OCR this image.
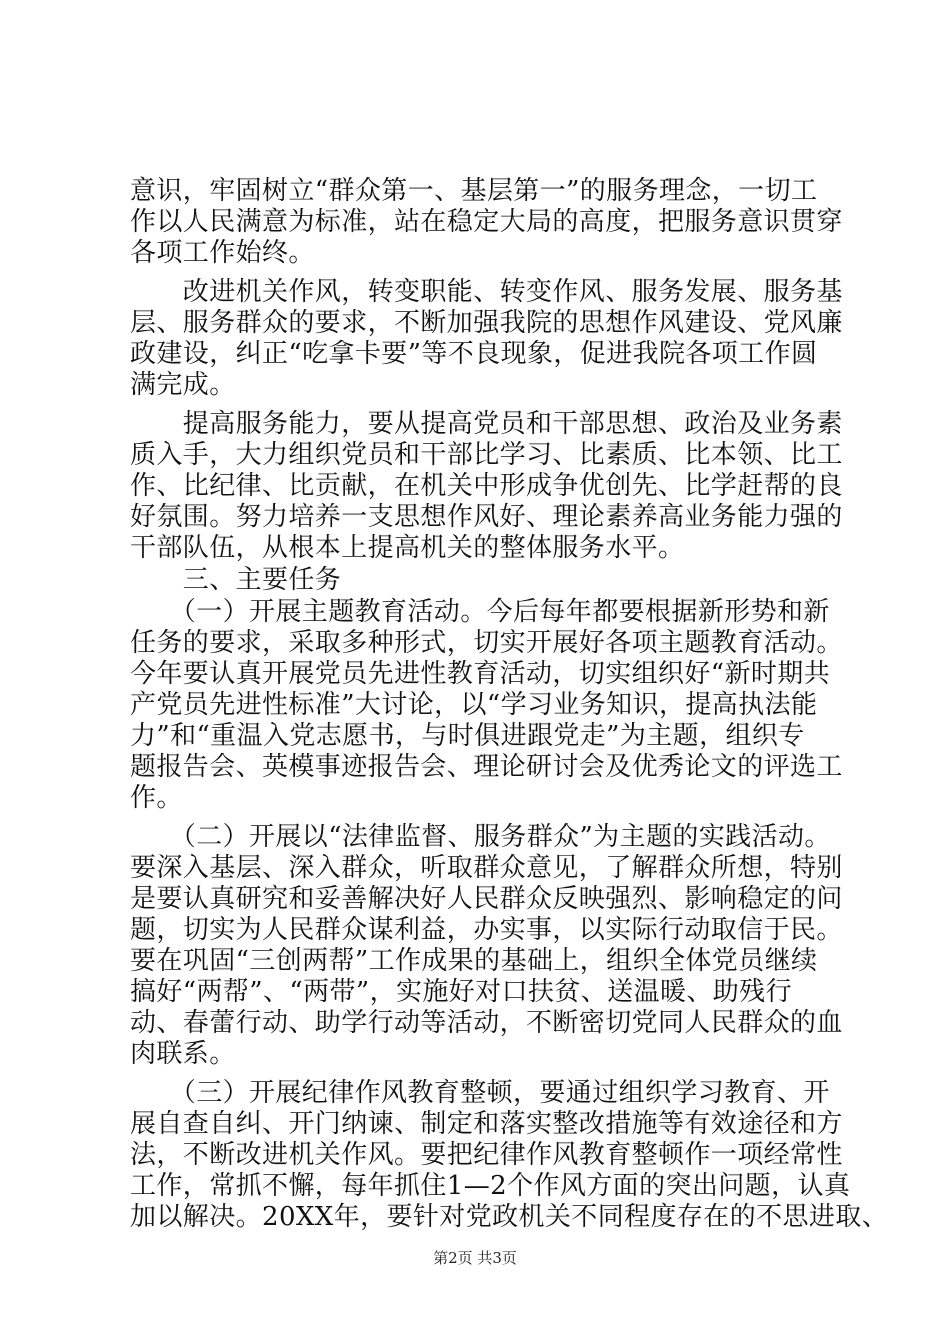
意识，牢固树立“群众第一、基层第一”的服务理念，一切工
作以人民满意为标准，站在稳定大局的高度，把服务意识贯穿
各项工作始终。
　　改进机关作风，转变职能、转变作风、服务发展、服务基
层、服务群众的要求，不断加强我院的思想作风建设、党风廉
政建设，纠正“吃拿卡要”等不良现象，促进我院各项工作圆
满完成。
　　提高服务能力，要从提高党员和干部思想、政治及业务素
质入手，大力组织党员和干部比学习、比素质、比本领、比工
作、比纪律、比贡献，在机关中形成争优创先、比学赶帮的良
好氛围。努力培养一支思想作风好、理论素养高业务能力强的
干部队伍，从根本上提高机关的整体服务水平。
　　三、主要任务
　　（一）开展主题教育活动。今后每年都要根据新形势和新
任务的要求，采取多种形式，切实开展好各项主题教育活动。
今年要认真开展党员先进性教育活动，切实组织好“新时期共
产党员先进性标准”大讨论，以“学习业务知识，提高执法能
力”和“重温入党志愿书，与时俱进跟党走”为主题，组织专
题报告会、英模事迹报告会、理论研讨会及优秀论文的评选工
作。
　　（二）开展以“法律监督、服务群众”为主题的实践活动。
要深入基层、深入群众，听取群众意见，了解群众所想，特别
是要认真研究和妥善解决好人民群众反映强烈、影响稳定的问
题，切实为人民群众谋利益，办实事，以实际行动取信于民。
要在巩固“三创两帮”工作成果的基础上，组织全体党员继续
搞好“两帮”、“两带”，实施好对口扶贫、送温暖、助残行
动、春蕾行动、助学行动等活动，不断密切党同人民群众的血
肉联系。
　　（三）开展纪律作风教育整顿，要通过组织学习教育、开
展自查自纠、开门纳谏、制定和落实整改措施等有效途径和方
法，不断改进机关作风。要把纪律作风教育整顿作一项经常性
工作，常抓不懈，每年抓住1—2个作风方面的突出问题，认真
加以解决。20XX年，要针对党政机关不同程度存在的不思进取、
第2页 共3页
